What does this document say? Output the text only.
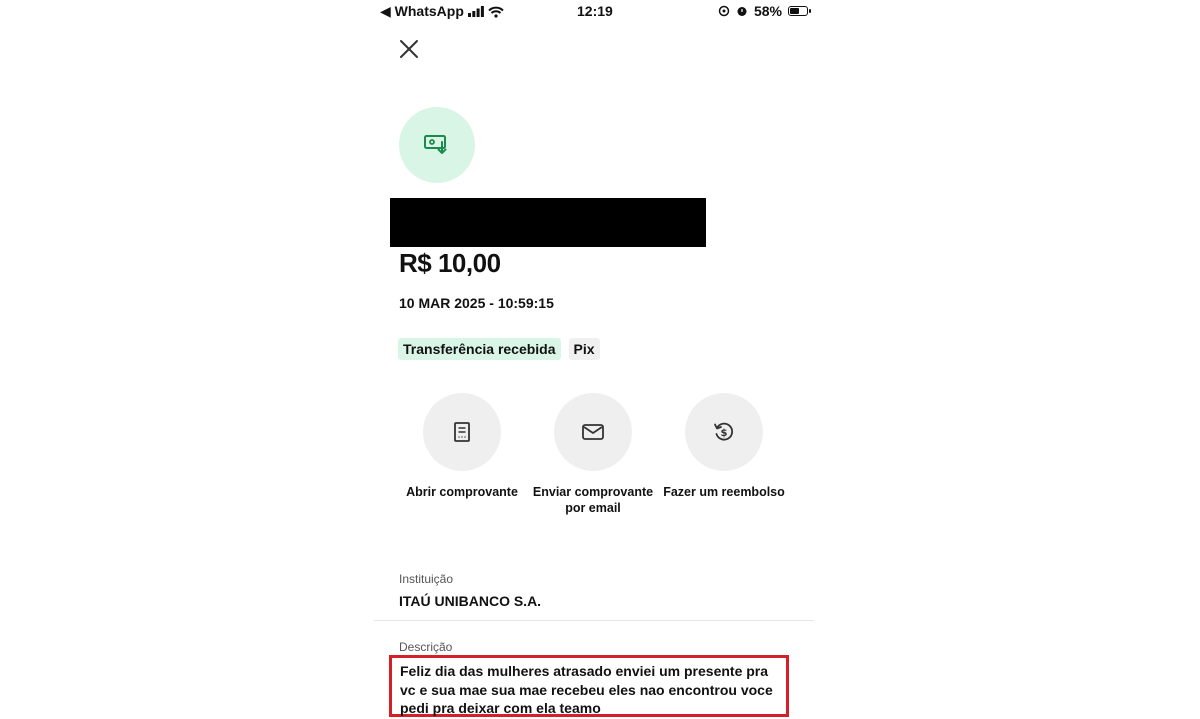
◀ WhatsApp	12:19	58%
R$ 10,00
10 MAR 2025 - 10:59:15
Transferência recebida	Pix
Abrir comprovante	Enviar comprovante por email
$
Fazer um reembolso
Instituição
ITAÚ UNIBANCO S.A.
Descrição
Feliz dia das mulheres atrasado enviei um presente pra vc e sua mae sua mae recebeu eles nao encontrou voce pedi pra deixar com ela teamo
